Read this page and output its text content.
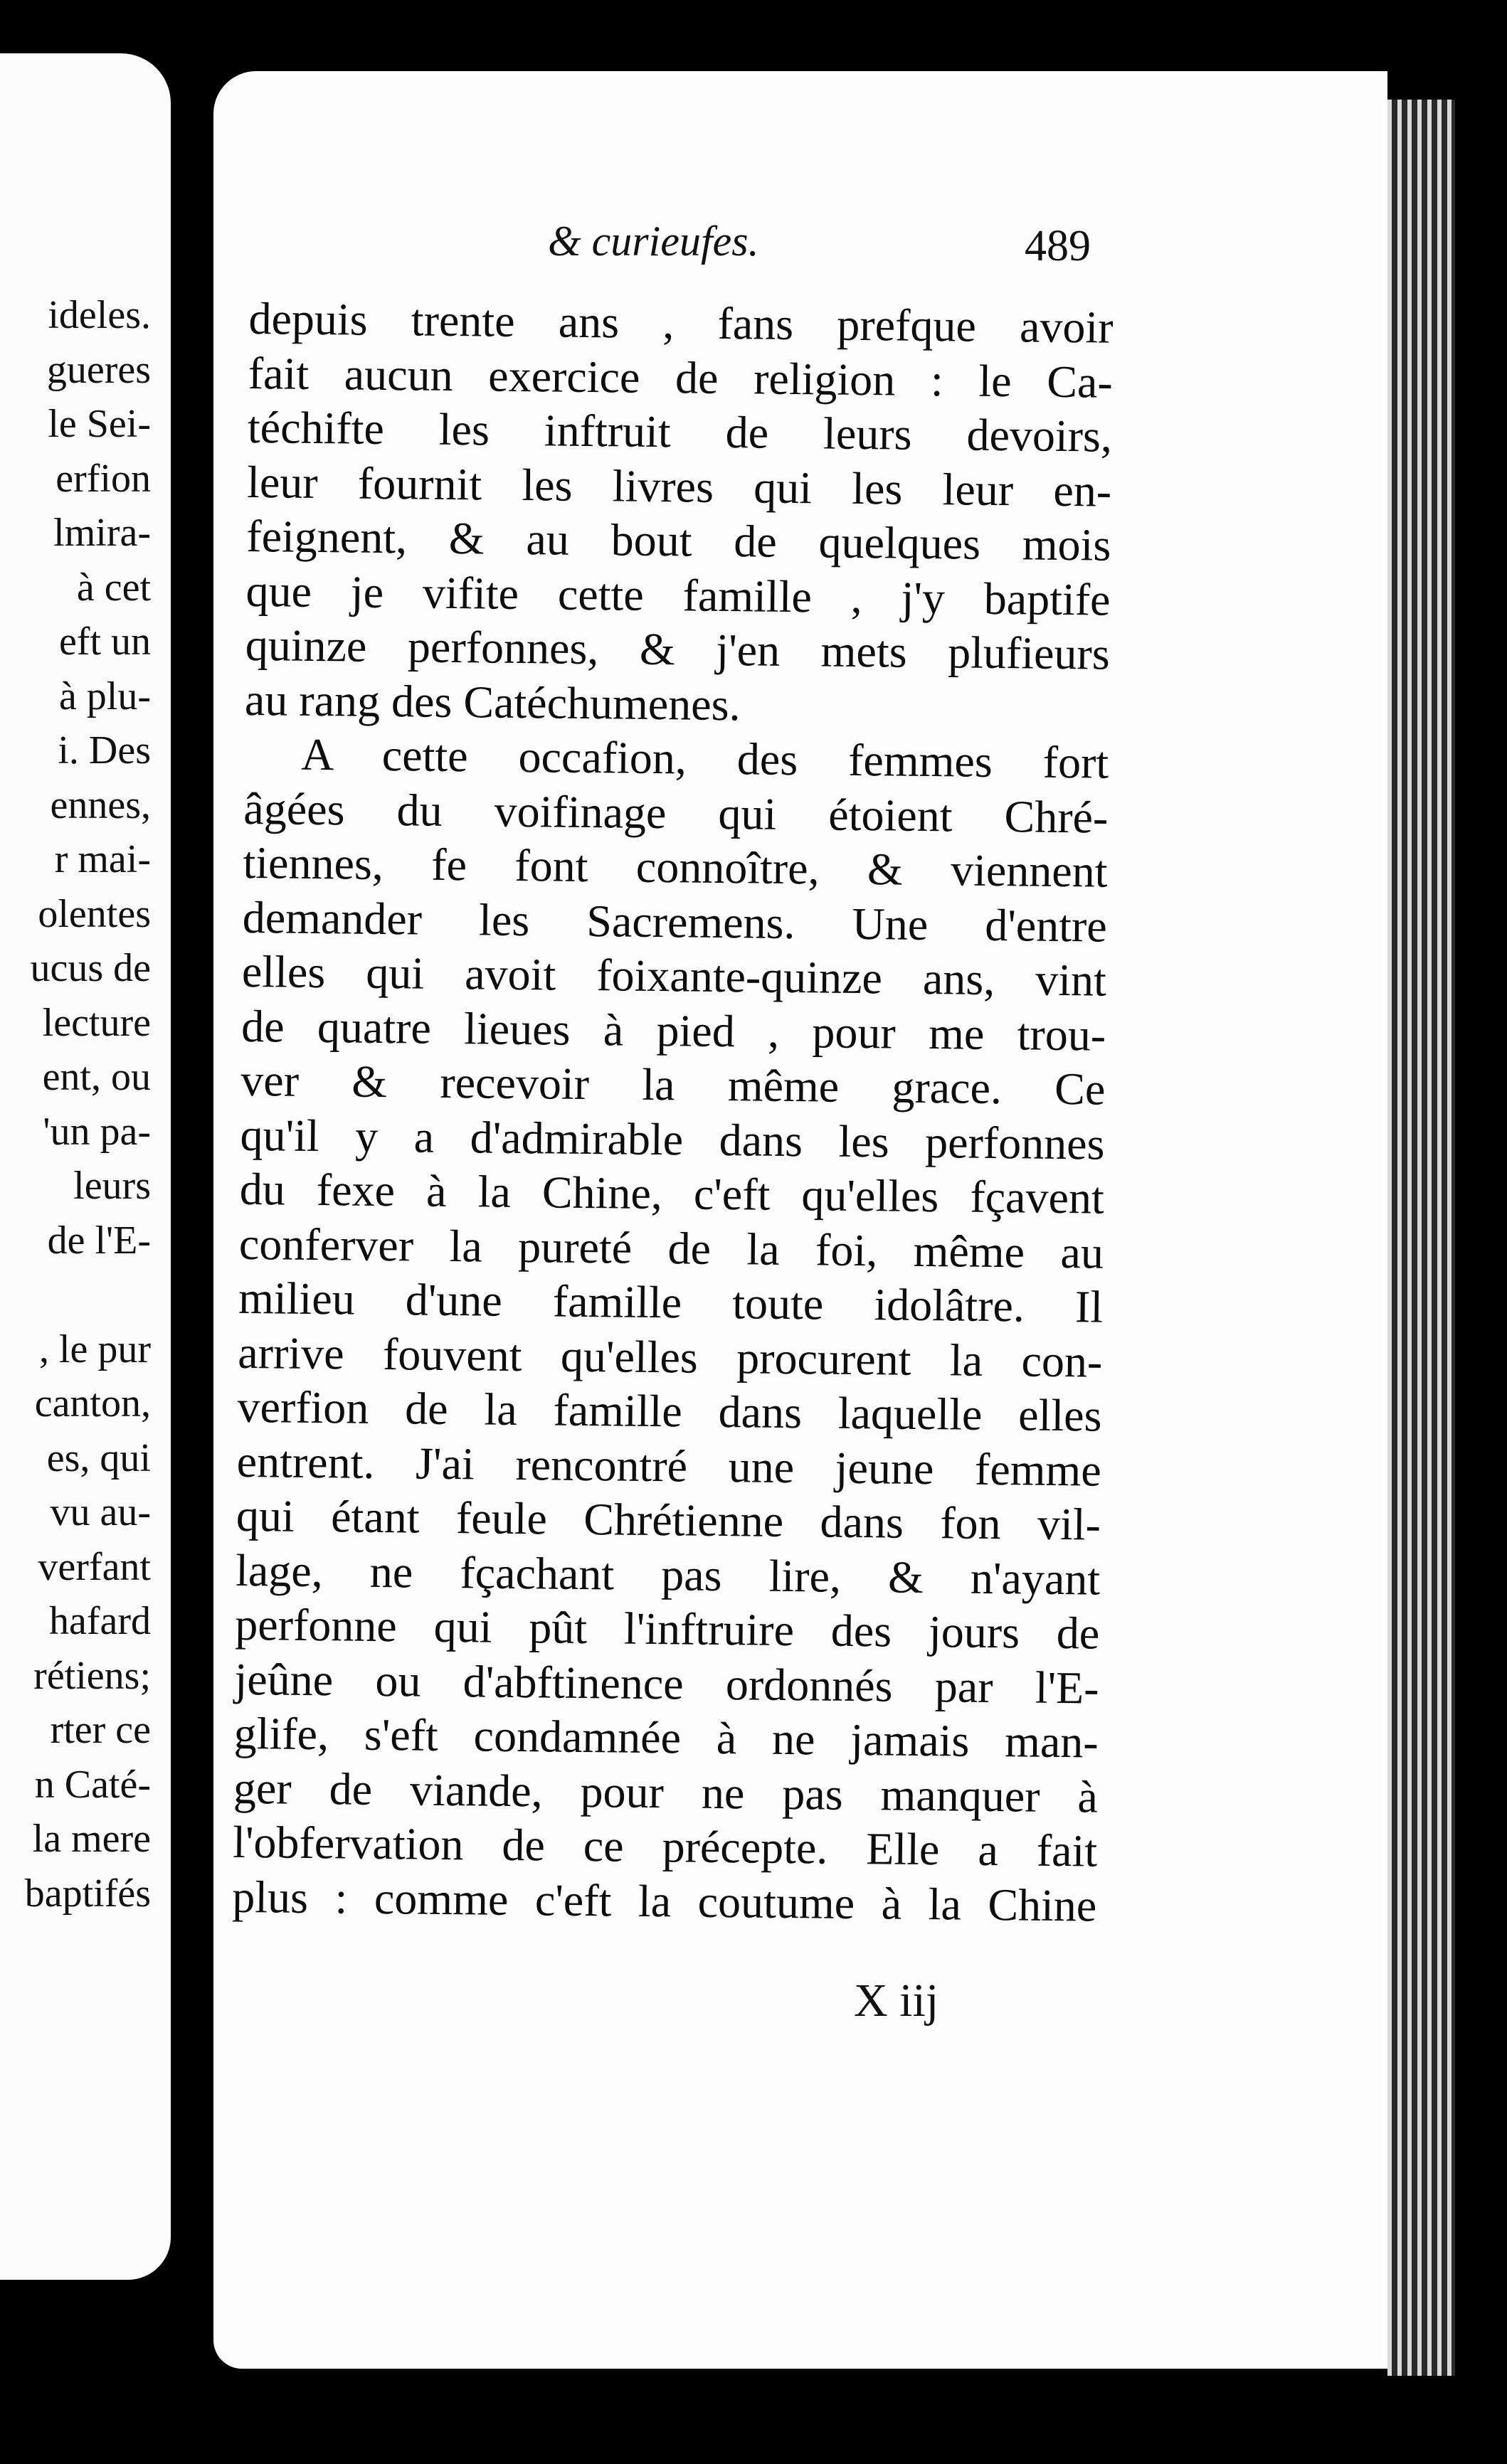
ideles.
gueres
le Sei-
erfion
lmira-
à cet
eft un
à plu-
i. Des
ennes,
r mai-
olentes
ucus de
lecture
ent, ou
'un pa-
leurs
de l'E-
, le pur
canton,
es, qui
vu au-
verfant
hafard
rétiens;
rter ce
n Caté-
la mere
baptifés
& curieufes.	489
depuis trente ans , fans prefque avoir
fait aucun exercice de religion : le Ca-
téchifte les inftruit de leurs devoirs,
leur fournit les livres qui les leur en-
feignent, & au bout de quelques mois
que je vifite cette famille , j'y baptife
quinze perfonnes, & j'en mets plufieurs
au rang des Catéchumenes.
A cette occafion, des femmes fort
âgées du voifinage qui étoient Chré-
tiennes, fe font connoître, & viennent
demander les Sacremens. Une d'entre
elles qui avoit foixante-quinze ans, vint
de quatre lieues à pied , pour me trou-
ver & recevoir la même grace. Ce
qu'il y a d'admirable dans les perfonnes
du fexe à la Chine, c'eft qu'elles fçavent
conferver la pureté de la foi, même au
milieu d'une famille toute idolâtre. Il
arrive fouvent qu'elles procurent la con-
verfion de la famille dans laquelle elles
entrent. J'ai rencontré une jeune femme
qui étant feule Chrétienne dans fon vil-
lage, ne fçachant pas lire, & n'ayant
perfonne qui pût l'inftruire des jours de
jeûne ou d'abftinence ordonnés par l'E-
glife, s'eft condamnée à ne jamais man-
ger de viande, pour ne pas manquer à
l'obfervation de ce précepte. Elle a fait
plus : comme c'eft la coutume à la Chine
X iij
